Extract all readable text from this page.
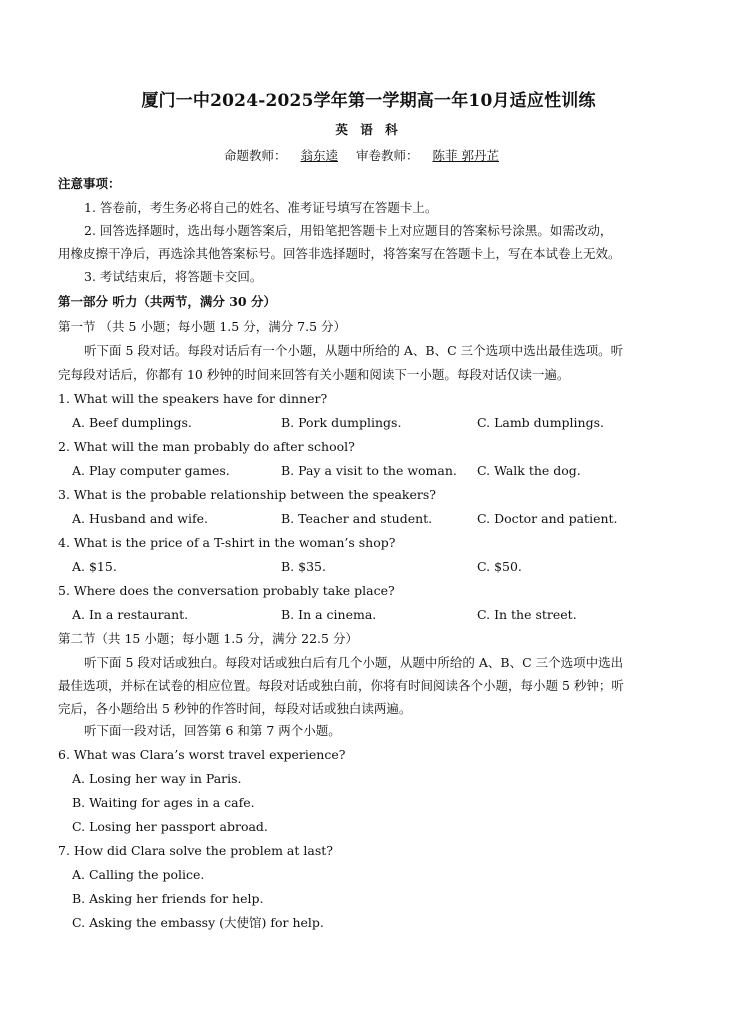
厦门一中2024-2025学年第一学期高一年10月适应性训练
英 语 科
命题教师： 翁东逵 审卷教师： 陈菲 郭丹芷
注意事项：
1. 答卷前，考生务必将自己的姓名、准考证号填写在答题卡上。
2. 回答选择题时，选出每小题答案后，用铅笔把答题卡上对应题目的答案标号涂黑。如需改动，
用橡皮擦干净后，再选涂其他答案标号。回答非选择题时，将答案写在答题卡上，写在本试卷上无效。
3. 考试结束后，将答题卡交回。
第一部分 听力（共两节，满分 30 分）
第一节 （共 5 小题；每小题 1.5 分，满分 7.5 分）
听下面 5 段对话。每段对话后有一个小题，从题中所给的 A、B、C 三个选项中选出最佳选项。听
完每段对话后，你都有 10 秒钟的时间来回答有关小题和阅读下一小题。每段对话仅读一遍。
1. What will the speakers have for dinner?
A. Beef dumplings.	B. Pork dumplings.	C. Lamb dumplings.
2. What will the man probably do after school?
A. Play computer games.	B. Pay a visit to the woman. C. Walk the dog.
3. What is the probable relationship between the speakers?
A. Husband and wife.	B. Teacher and student.	C. Doctor and patient.
4. What is the price of a T-shirt in the woman’s shop?
A. $15.	B. $35.	C. $50.
5. Where does the conversation probably take place?
A. In a restaurant.	B. In a cinema.	C. In the street.
第二节（共 15 小题；每小题 1.5 分，满分 22.5 分）
听下面 5 段对话或独白。每段对话或独白后有几个小题，从题中所给的 A、B、C 三个选项中选出
最佳选项，并标在试卷的相应位置。每段对话或独白前，你将有时间阅读各个小题，每小题 5 秒钟；听
完后，各小题给出 5 秒钟的作答时间，每段对话或独白读两遍。
听下面一段对话，回答第 6 和第 7 两个小题。
6. What was Clara’s worst travel experience?
A. Losing her way in Paris.
B. Waiting for ages in a cafe.
C. Losing her passport abroad.
7. How did Clara solve the problem at last?
A. Calling the police.
B. Asking her friends for help.
C. Asking the embassy (大使馆) for help.
